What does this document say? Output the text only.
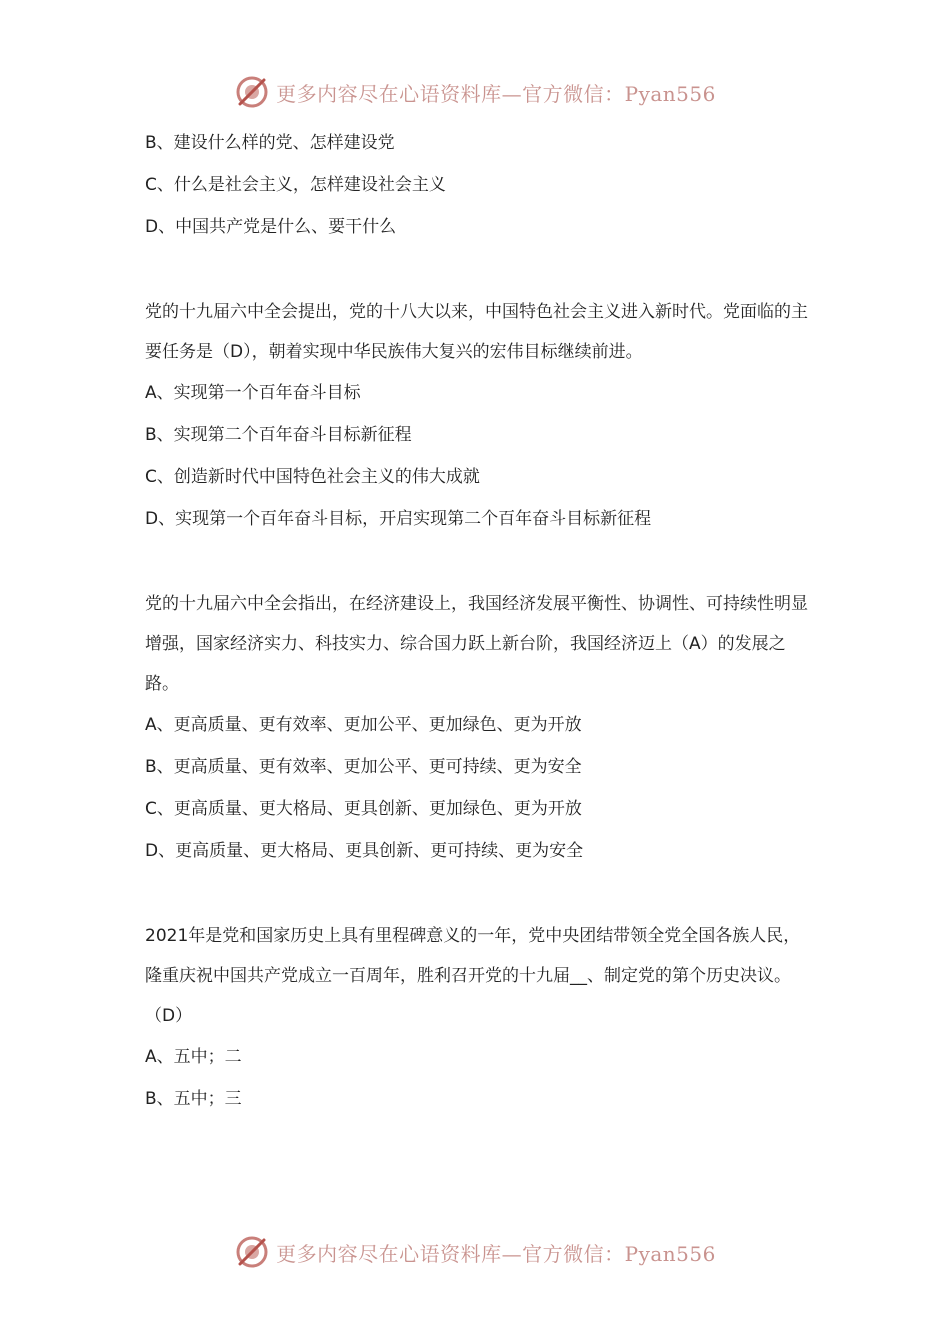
更多内容尽在心语资料库—官方微信：Pyan556
B、建设什么样的党、怎样建设党
C、什么是社会主义，怎样建设社会主义
D、中国共产党是什么、要干什么
党的十九届六中全会提出，党的十八大以来，中国特色社会主义进入新时代。党面临的主要任务是（D），朝着实现中华民族伟大复兴的宏伟目标继续前进。
A、实现第一个百年奋斗目标
B、实现第二个百年奋斗目标新征程
C、创造新时代中国特色社会主义的伟大成就
D、实现第一个百年奋斗目标，开启实现第二个百年奋斗目标新征程
党的十九届六中全会指出，在经济建设上，我国经济发展平衡性、协调性、可持续性明显增强，国家经济实力、科技实力、综合国力跃上新台阶，我国经济迈上（A）的发展之路。
A、更高质量、更有效率、更加公平、更加绿色、更为开放
B、更高质量、更有效率、更加公平、更可持续、更为安全
C、更高质量、更大格局、更具创新、更加绿色、更为开放
D、更高质量、更大格局、更具创新、更可持续、更为安全
2021年是党和国家历史上具有里程碑意义的一年，党中央团结带领全党全国各族人民，隆重庆祝中国共产党成立一百周年，胜利召开党的十九届__、制定党的第个历史决议。（D）
A、五中；二
B、五中；三
更多内容尽在心语资料库—官方微信：Pyan556
